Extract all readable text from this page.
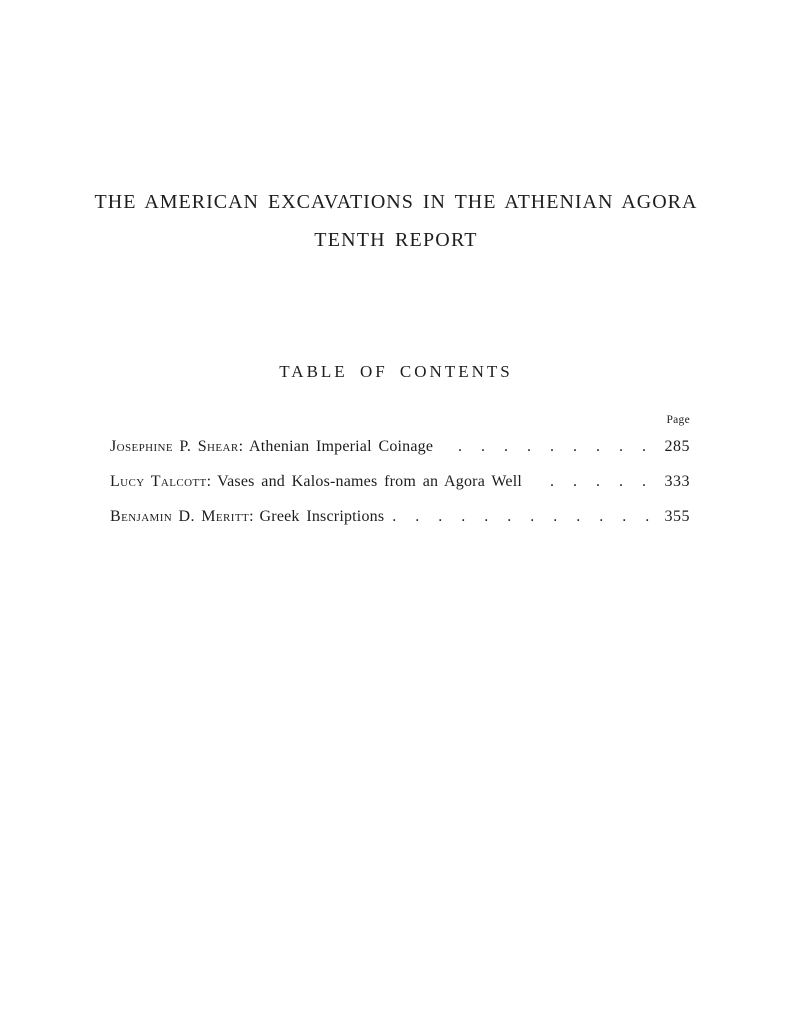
THE AMERICAN EXCAVATIONS IN THE ATHENIAN AGORA
TENTH REPORT
TABLE OF CONTENTS
Page
Josephine P. Shear : Athenian Imperial Coinage	. . . . . . . . .	285
Lucy Talcott : Vases and Kalos-names from an Agora Well	. . . . .	333
Benjamin D. Meritt : Greek Inscriptions . . . . . . . . . . . . 355
